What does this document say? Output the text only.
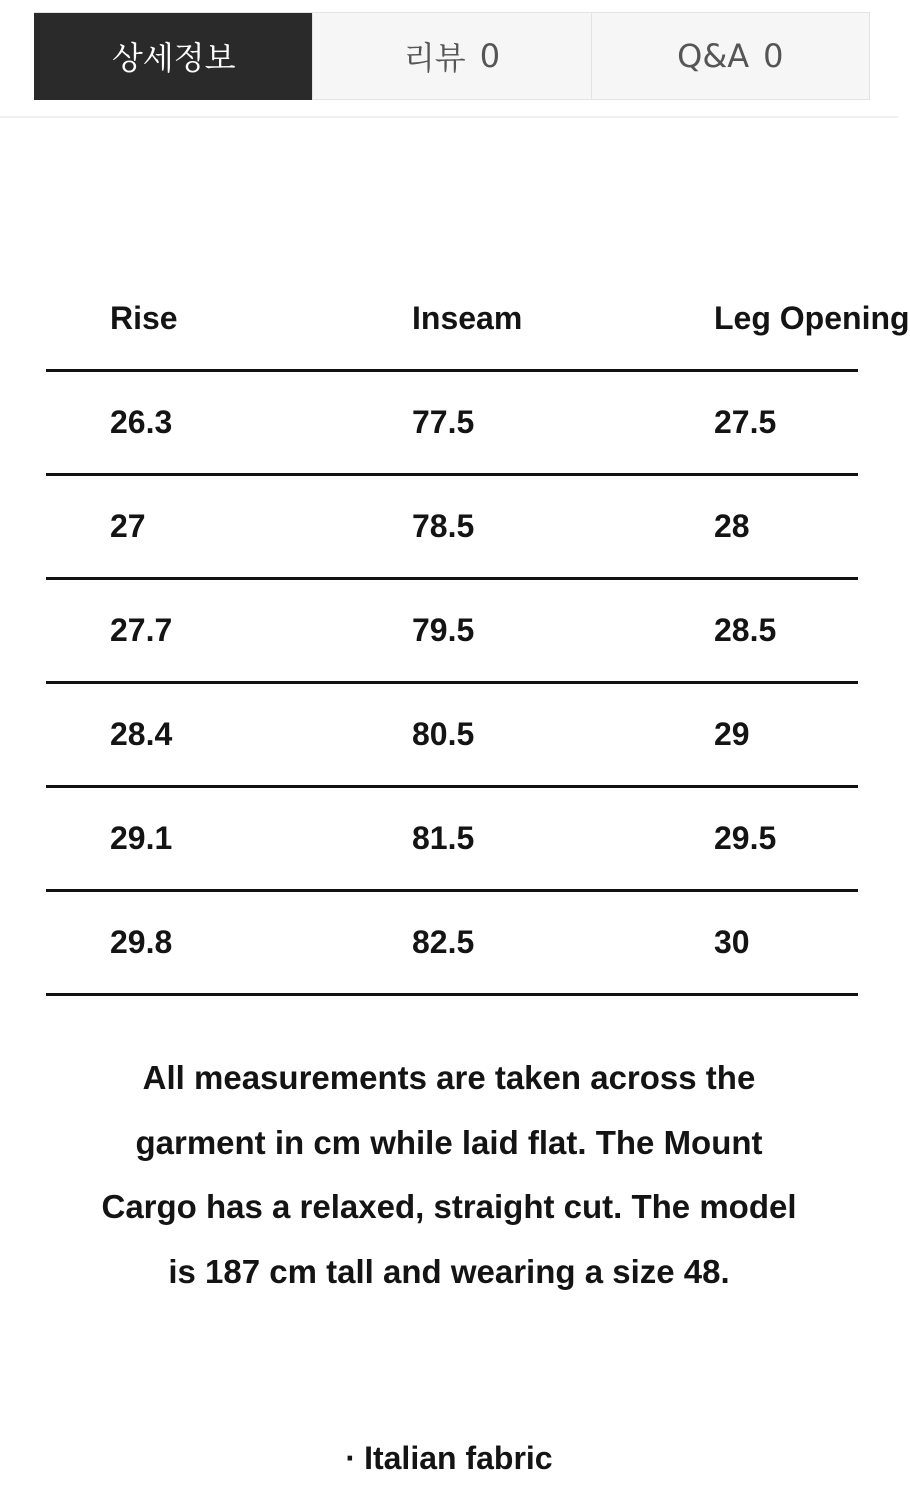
상세정보	리뷰 0	Q&A 0
Rise	Inseam	Leg Opening
26.3	77.5	27.5
27	78.5	28
27.7	79.5	28.5
28.4	80.5	29
29.1	81.5	29.5
29.8	82.5	30
All measurements are taken across the
garment in cm while laid flat. The Mount
Cargo has a relaxed, straight cut. The model
is 187 cm tall and wearing a size 48.
· Italian fabric
